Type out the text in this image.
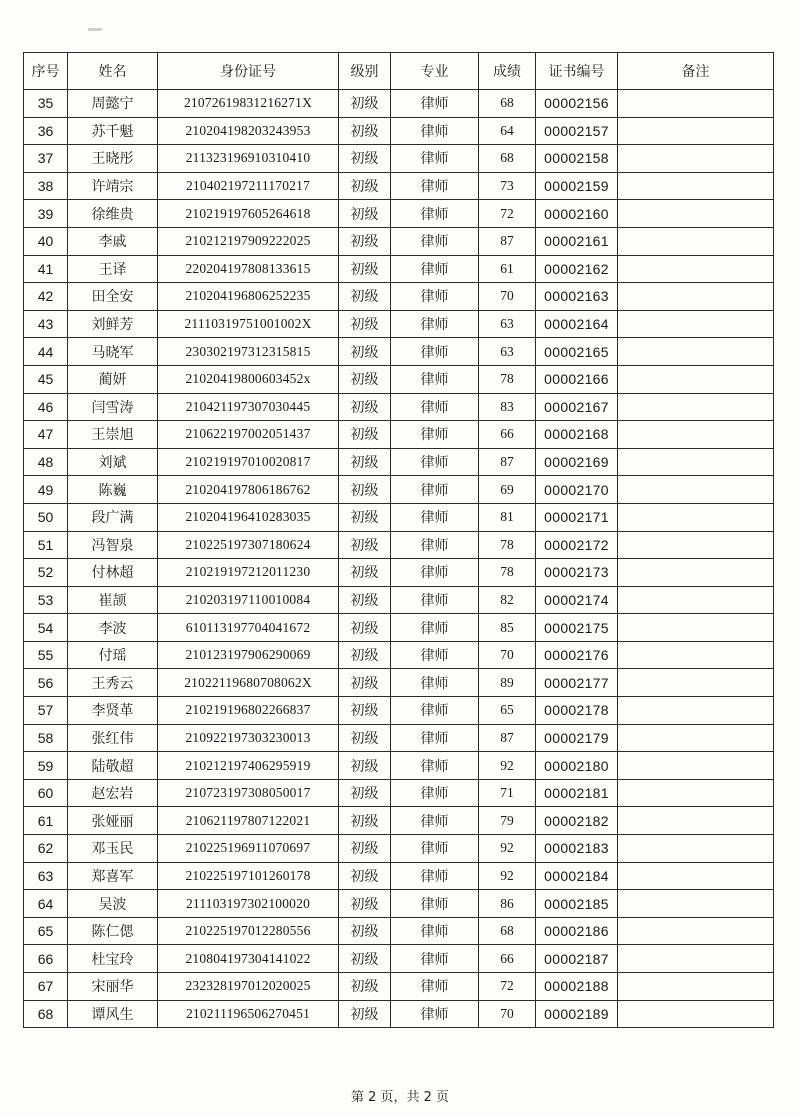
序号	姓名	身份证号	级别	专业	成绩	证书编号	备注
35	周懿宁	21072619831216271X	初级	律师	68	00002156	
36	苏千魁	210204198203243953	初级	律师	64	00002157	
37	王晓彤	211323196910310410	初级	律师	68	00002158	
38	许靖宗	210402197211170217	初级	律师	73	00002159	
39	徐维贵	210219197605264618	初级	律师	72	00002160	
40	李戚	210212197909222025	初级	律师	87	00002161	
41	王译	220204197808133615	初级	律师	61	00002162	
42	田全安	210204196806252235	初级	律师	70	00002163	
43	刘鲜芳	21110319751001002X	初级	律师	63	00002164	
44	马晓军	230302197312315815	初级	律师	63	00002165	
45	蔺妍	21020419800603452x	初级	律师	78	00002166	
46	闫雪涛	210421197307030445	初级	律师	83	00002167	
47	王崇旭	210622197002051437	初级	律师	66	00002168	
48	刘斌	210219197010020817	初级	律师	87	00002169	
49	陈巍	210204197806186762	初级	律师	69	00002170	
50	段广满	210204196410283035	初级	律师	81	00002171	
51	冯智泉	210225197307180624	初级	律师	78	00002172	
52	付林超	210219197212011230	初级	律师	78	00002173	
53	崔颉	210203197110010084	初级	律师	82	00002174	
54	李波	610113197704041672	初级	律师	85	00002175	
55	付瑶	210123197906290069	初级	律师	70	00002176	
56	王秀云	21022119680708062X	初级	律师	89	00002177	
57	李贤革	210219196802266837	初级	律师	65	00002178	
58	张红伟	210922197303230013	初级	律师	87	00002179	
59	陆敬超	210212197406295919	初级	律师	92	00002180	
60	赵宏岩	210723197308050017	初级	律师	71	00002181	
61	张娅丽	210621197807122021	初级	律师	79	00002182	
62	邓玉民	210225196911070697	初级	律师	92	00002183	
63	郑喜军	210225197101260178	初级	律师	92	00002184	
64	吴波	211103197302100020	初级	律师	86	00002185	
65	陈仁偲	210225197012280556	初级	律师	68	00002186	
66	杜宝玲	210804197304141022	初级	律师	66	00002187	
67	宋丽华	232328197012020025	初级	律师	72	00002188	
68	谭风生	210211196506270451	初级	律师	70	00002189	
第 2 页，共 2 页
